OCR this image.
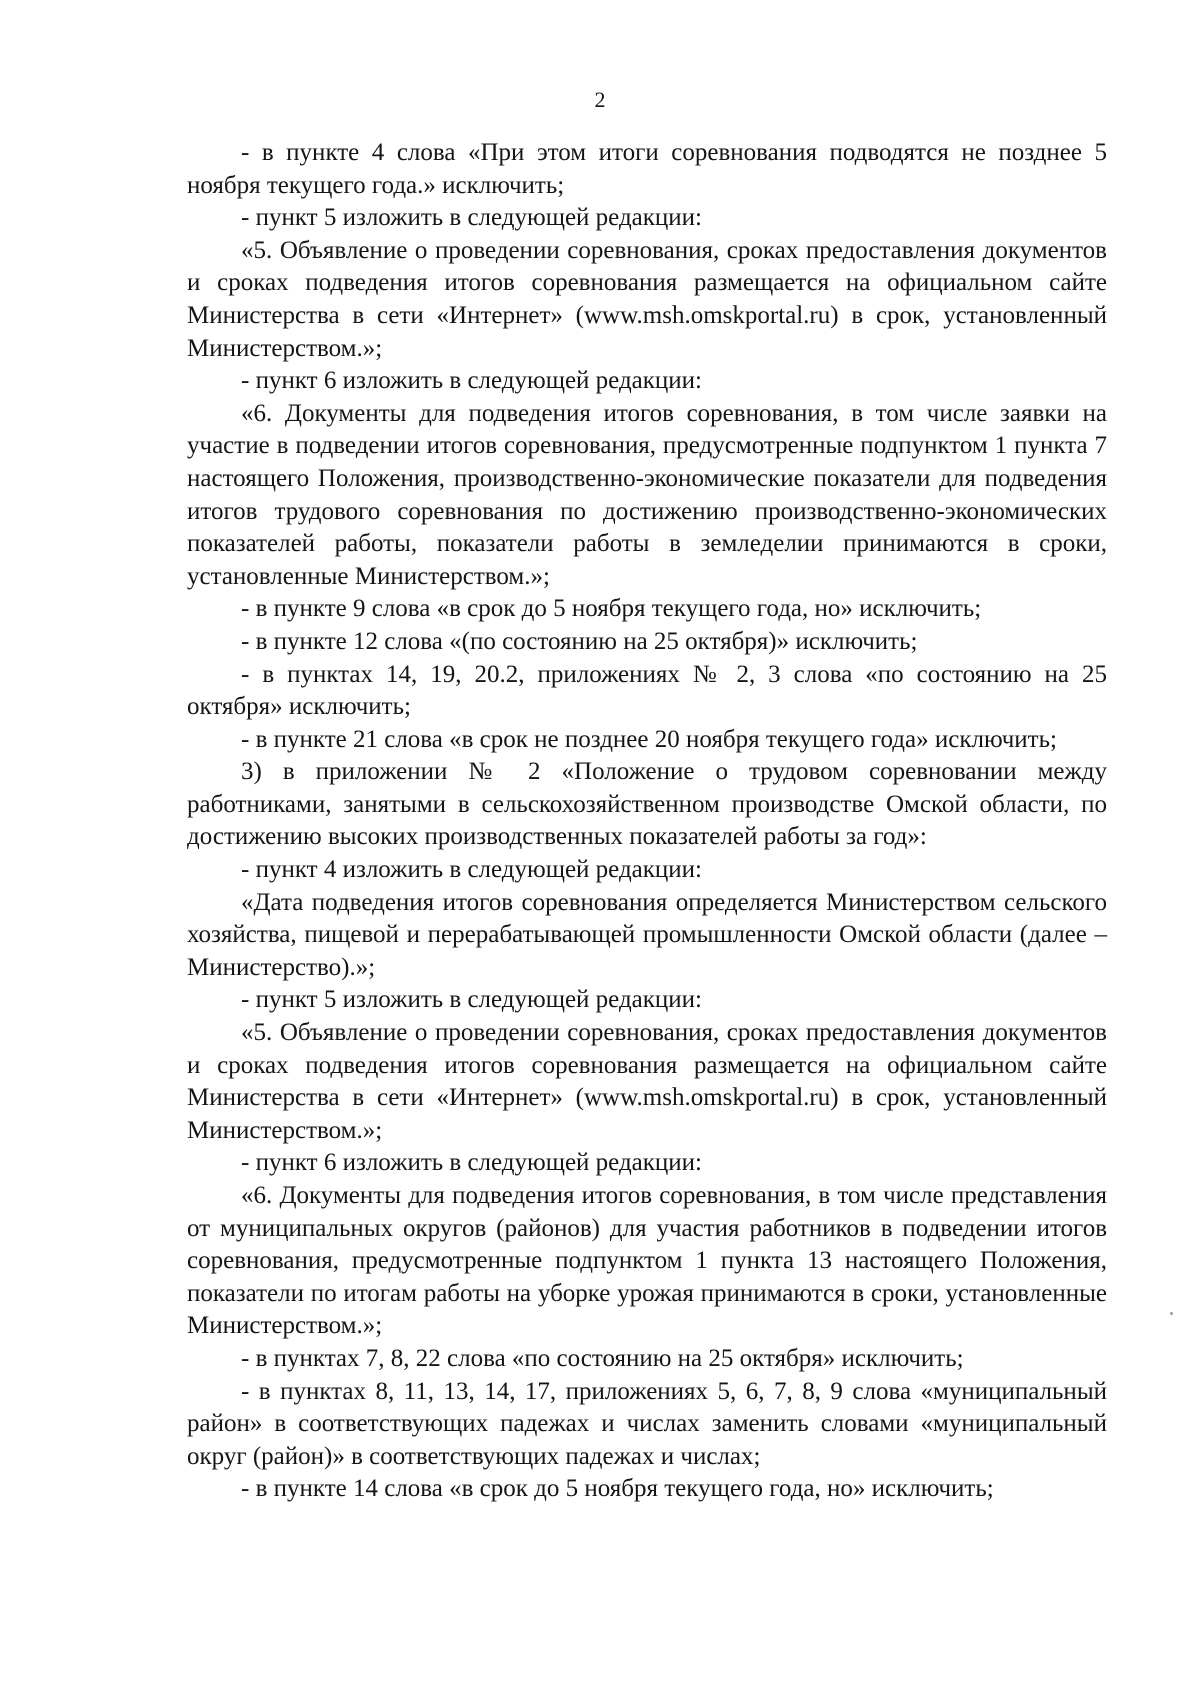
2

- в пункте 4 слова «При этом итоги соревнования подводятся не позднее 5 ноября текущего года.» исключить;

- пункт 5 изложить в следующей редакции:

«5. Объявление о проведении соревнования, сроках предоставления документов и сроках подведения итогов соревнования размещается на официальном сайте Министерства в сети «Интернет» (www.msh.omskportal.ru) в срок, установленный Министерством.»;

- пункт 6 изложить в следующей редакции:

«6. Документы для подведения итогов соревнования, в том числе заявки на участие в подведении итогов соревнования, предусмотренные подпунктом 1 пункта 7 настоящего Положения, производственно-экономические показатели для подведения итогов трудового соревнования по достижению производственно-экономических показателей работы, показатели работы в земледелии принимаются в сроки, установленные Министерством.»;

- в пункте 9 слова «в срок до 5 ноября текущего года, но» исключить;

- в пункте 12 слова «(по состоянию на 25 октября)» исключить;

- в пунктах 14, 19, 20.2, приложениях № 2, 3 слова «по состоянию на 25 октября» исключить;

- в пункте 21 слова «в срок не позднее 20 ноября текущего года» исключить;

3) в приложении № 2 «Положение о трудовом соревновании между работниками, занятыми в сельскохозяйственном производстве Омской области, по достижению высоких производственных показателей работы за год»:

- пункт 4 изложить в следующей редакции:

«Дата подведения итогов соревнования определяется Министерством сельского хозяйства, пищевой и перерабатывающей промышленности Омской области (далее – Министерство).»;

- пункт 5 изложить в следующей редакции:

«5. Объявление о проведении соревнования, сроках предоставления документов и сроках подведения итогов соревнования размещается на официальном сайте Министерства в сети «Интернет» (www.msh.omskportal.ru) в срок, установленный Министерством.»;

- пункт 6 изложить в следующей редакции:

«6. Документы для подведения итогов соревнования, в том числе представления от муниципальных округов (районов) для участия работников в подведении итогов соревнования, предусмотренные подпунктом 1 пункта 13 настоящего Положения, показатели по итогам работы на уборке урожая принимаются в сроки, установленные Министерством.»;

- в пунктах 7, 8, 22 слова «по состоянию на 25 октября» исключить;

- в пунктах 8, 11, 13, 14, 17, приложениях 5, 6, 7, 8, 9 слова «муниципальный район» в соответствующих падежах и числах заменить словами «муниципальный округ (район)» в соответствующих падежах и числах;

- в пункте 14 слова «в срок до 5 ноября текущего года, но» исключить;
